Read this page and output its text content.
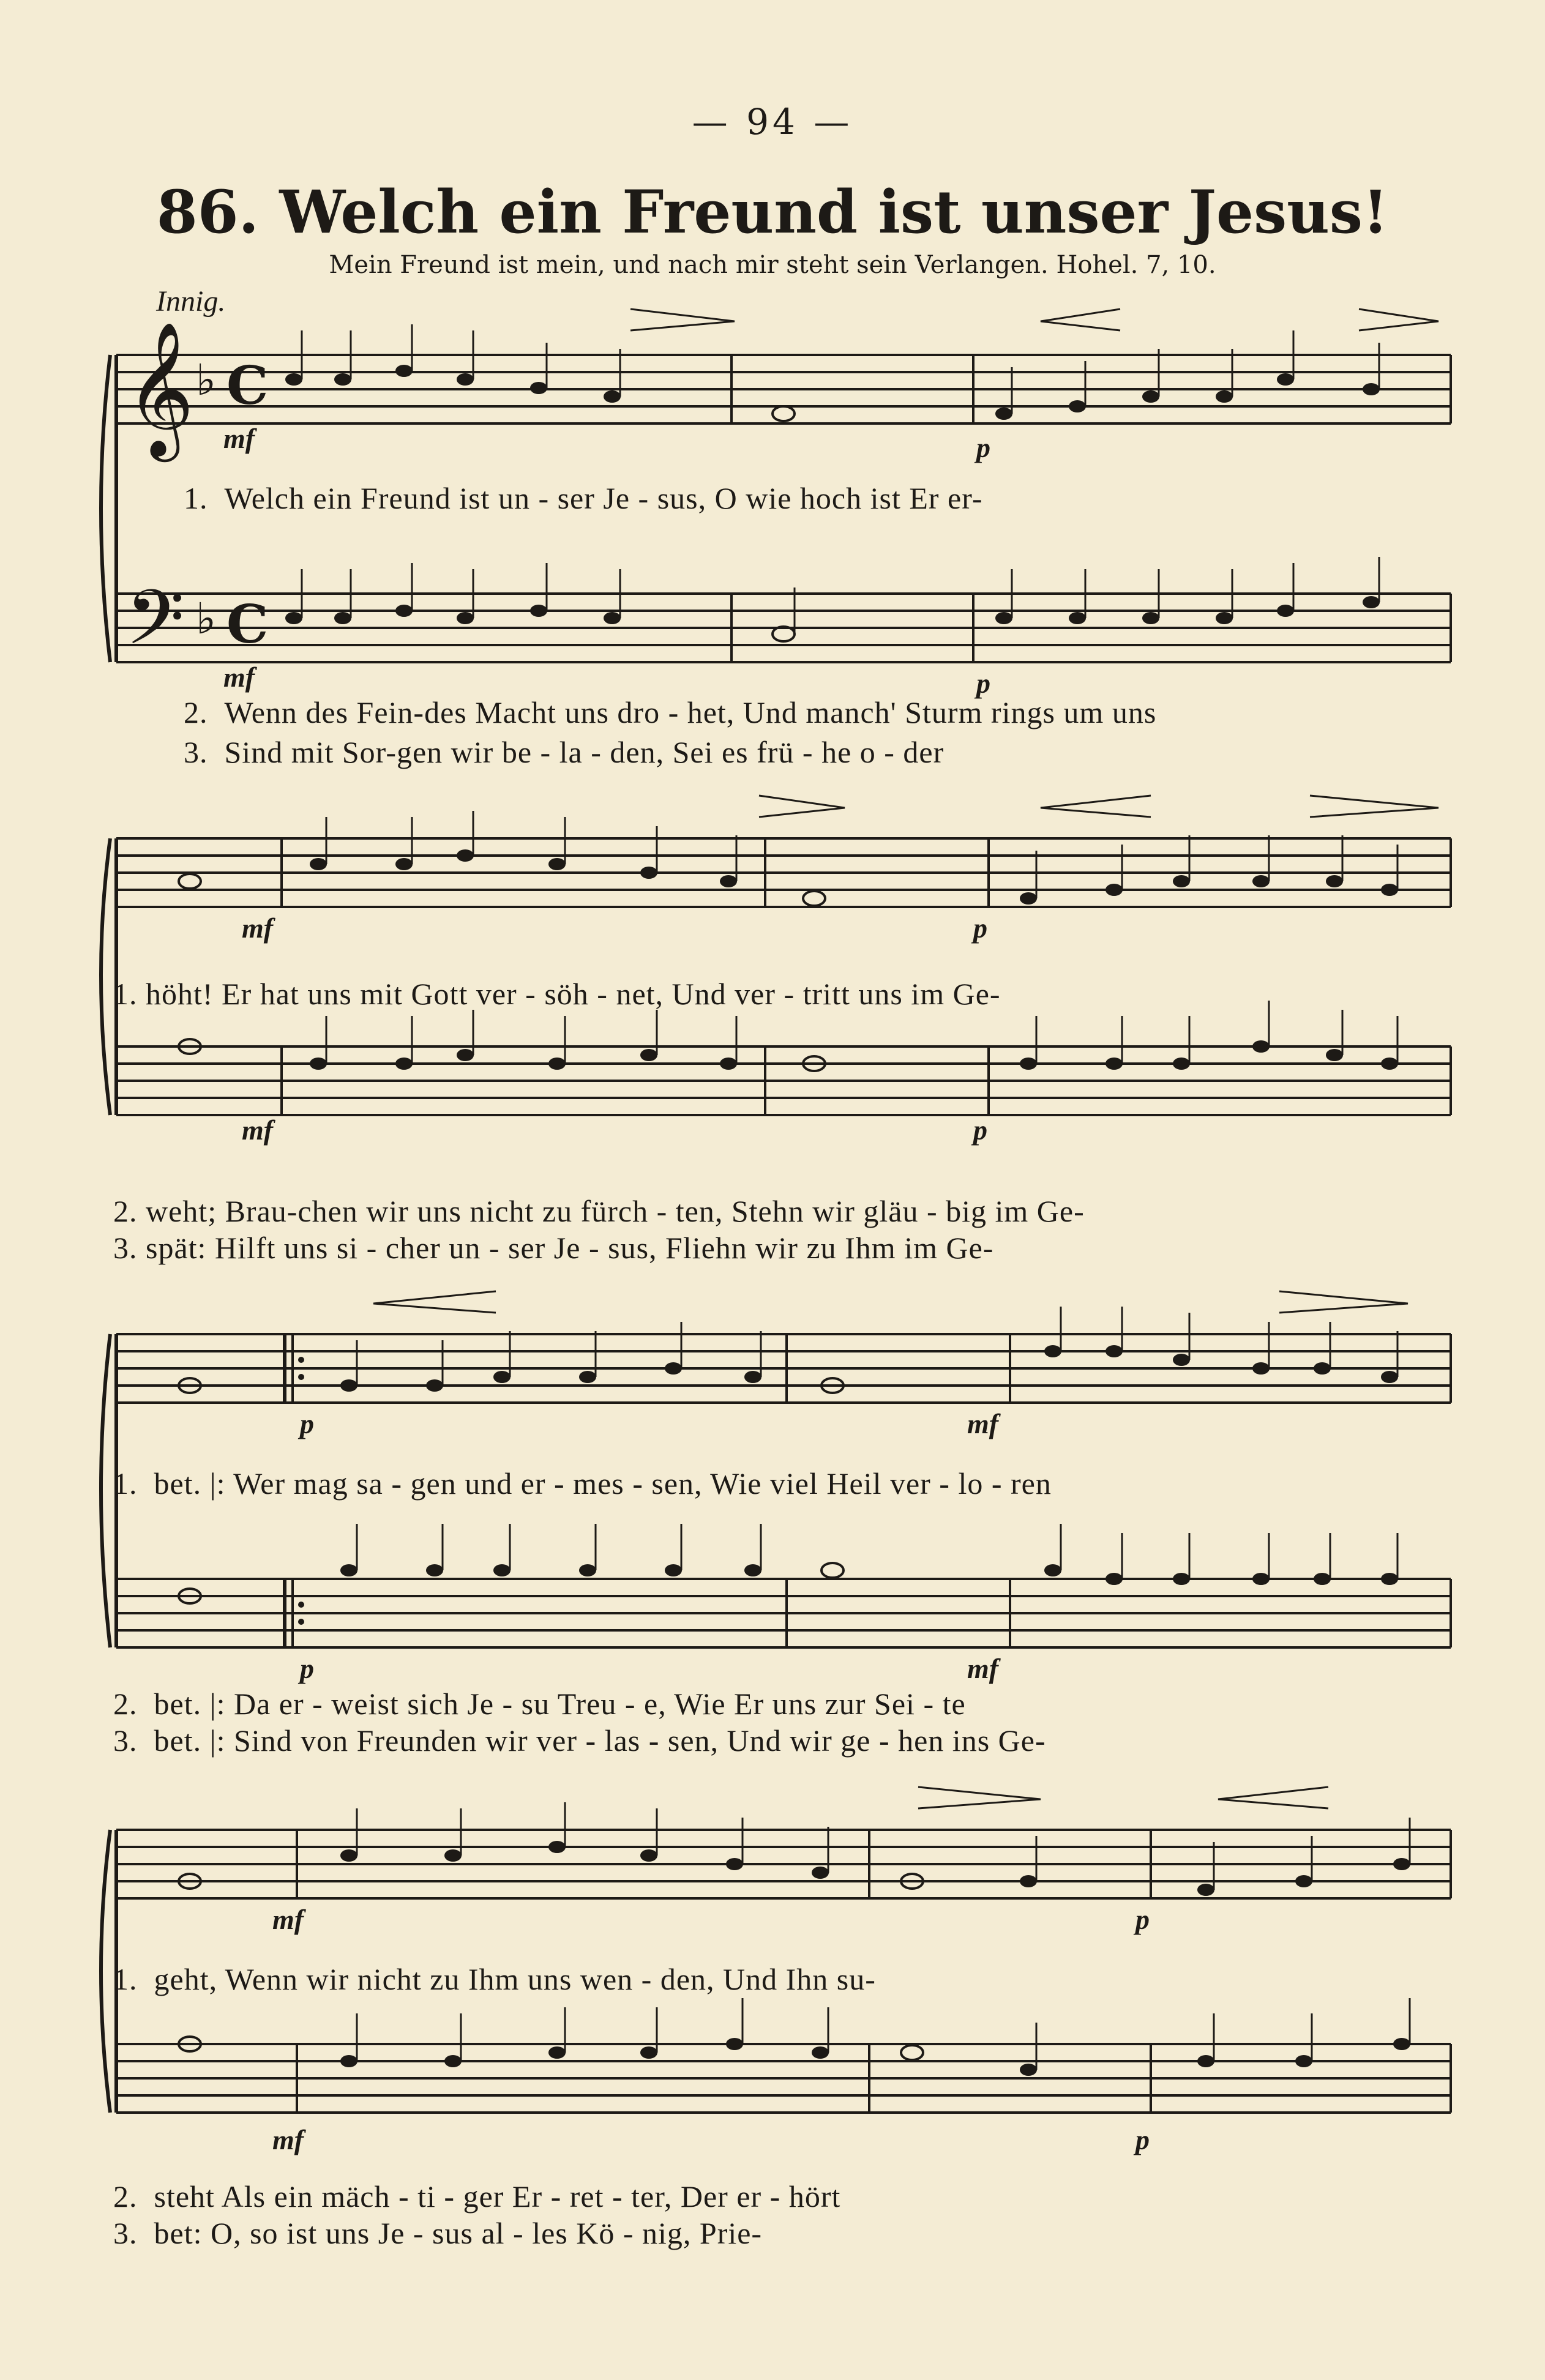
— 94 —
86. Welch ein Freund ist unser Jesus!
Mein Freund ist mein, und nach mir steht sein Verlangen. Hohel. 7, 10.
Innig.
𝄞 ♭ C
𝄢 ♭ C
mf	p
mf	p
1. Welch ein Freund ist un - ser Je - sus, O wie hoch ist Er er-
2. Wenn des Fein-des Macht uns dro - het, Und manch' Sturm rings um uns
3. Sind mit Sor-gen wir be - la - den, Sei es frü - he o - der
mf	p
mf	p
1. höht! Er hat uns mit Gott ver - söh - net, Und ver - tritt uns im Ge-
2. weht; Brau-chen wir uns nicht zu fürch - ten, Stehn wir gläu - big im Ge-
3. spät: Hilft uns si - cher un - ser Je - sus, Fliehn wir zu Ihm im Ge-
p	mf
p	mf
1. bet. |: Wer mag sa - gen und er - mes - sen, Wie viel Heil ver - lo - ren
2. bet. |: Da er - weist sich Je - su Treu - e, Wie Er uns zur Sei - te
3. bet. |: Sind von Freunden wir ver - las - sen, Und wir ge - hen ins Ge-
mf	p
mf	p
1. geht, Wenn wir nicht zu Ihm uns wen - den, Und Ihn su-
2. steht Als ein mäch - ti - ger Er - ret - ter, Der er - hört
3. bet: O, so ist uns Je - sus al - les Kö - nig, Prie-
